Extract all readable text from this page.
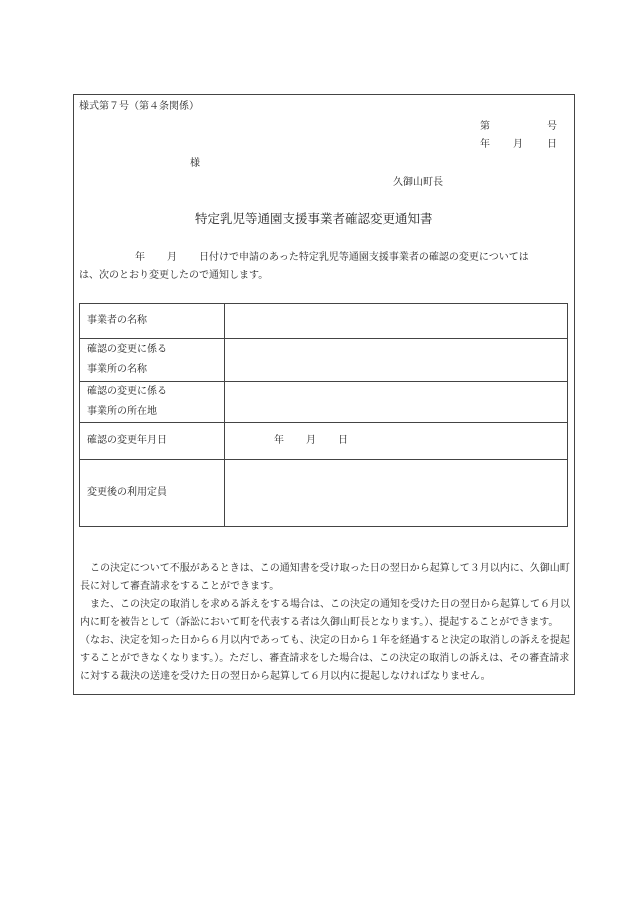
様式第７号（第４条関係）
第	号
年 月 日
様
久御山町長
特定乳児等通園支援事業者確認変更通知書
年 月 日付けで申請のあった特定乳児等通園支援事業者の確認の変更については
は、次のとおり変更したので通知します。
事業者の名称	

確認の変更に係る
事業所の名称	

確認の変更に係る
事業所の所在地	

確認の変更年月日	年 月 日
変更後の利用定員	

この決定について不服があるときは、この通知書を受け取った日の翌日から起算して３月以内に、久御山町長に対して審査請求をすることができます。

また、この決定の取消しを求める訴えをする場合は、この決定の通知を受けた日の翌日から起算して６月以内に町を被告として（訴訟において町を代表する者は久御山町長となります。）、提起することができます。（なお、決定を知った日から６月以内であっても、決定の日から１年を経過すると決定の取消しの訴えを提起することができなくなります。）。ただし、審査請求をした場合は、この決定の取消しの訴えは、その審査請求に対する裁決の送達を受けた日の翌日から起算して６月以内に提起しなければなりません。
